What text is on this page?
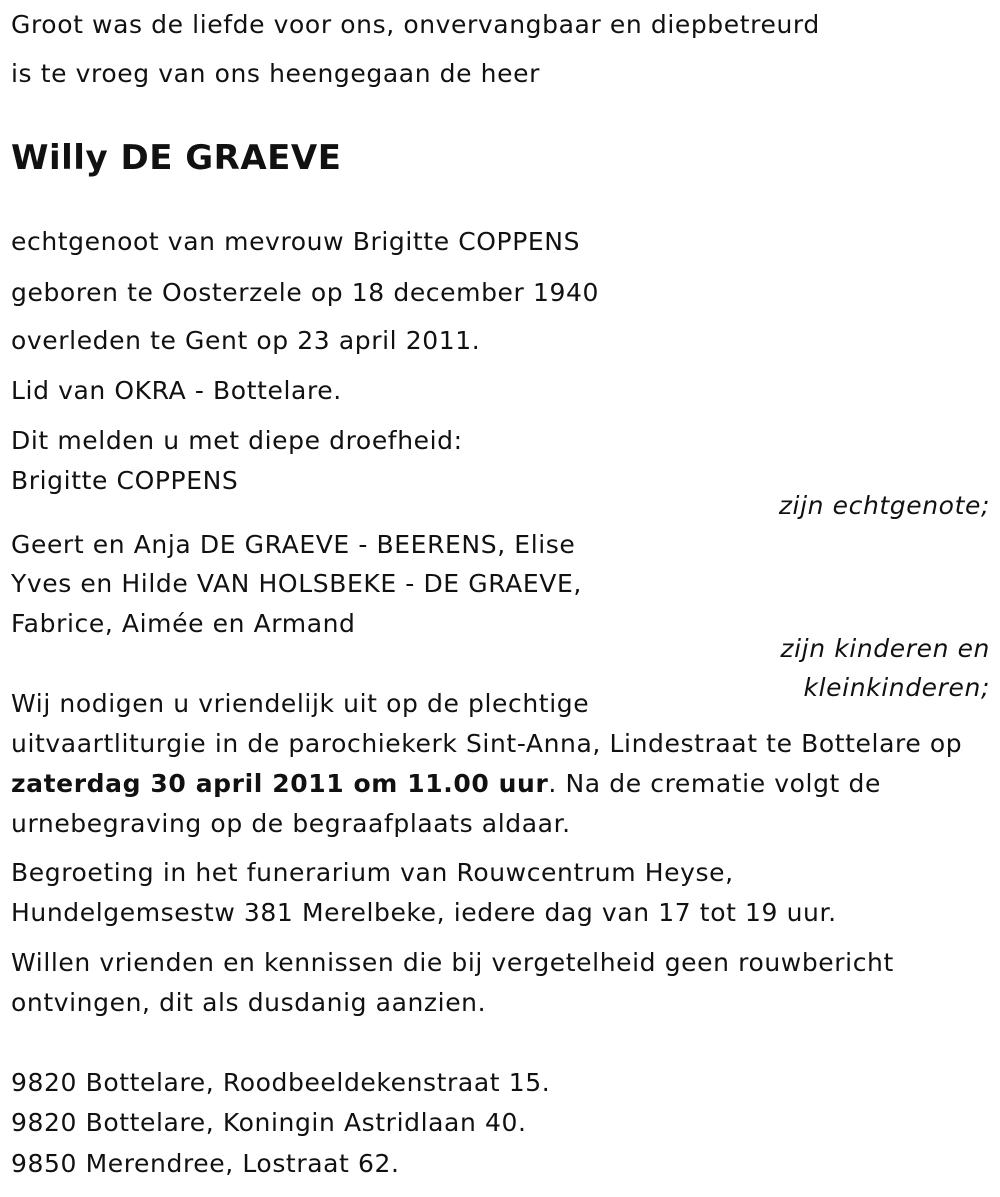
Groot was de liefde voor ons, onvervangbaar en diepbetreurd
is te vroeg van ons heengegaan de heer
Willy DE GRAEVE
echtgenoot van mevrouw Brigitte COPPENS
geboren te Oosterzele op 18 december 1940
overleden te Gent op 23 april 2011.
Lid van OKRA - Bottelare.
Dit melden u met diepe droefheid:
Brigitte COPPENS
zijn echtgenote;
Geert en Anja DE GRAEVE - BEERENS, Elise
Yves en Hilde VAN HOLSBEKE - DE GRAEVE,
Fabrice, Aimée en Armand
zijn kinderen en
kleinkinderen;
Wij nodigen u vriendelijk uit op de plechtige
uitvaartliturgie in de parochiekerk Sint-Anna, Lindestraat te Bottelare op
zaterdag 30 april 2011 om 11.00 uur. Na de crematie volgt de
urnebegraving op de begraafplaats aldaar.
Begroeting in het funerarium van Rouwcentrum Heyse,
Hundelgemsestw 381 Merelbeke, iedere dag van 17 tot 19 uur.
Willen vrienden en kennissen die bij vergetelheid geen rouwbericht
ontvingen, dit als dusdanig aanzien.
9820 Bottelare, Roodbeeldekenstraat 15.
9820 Bottelare, Koningin Astridlaan 40.
9850 Merendree, Lostraat 62.
